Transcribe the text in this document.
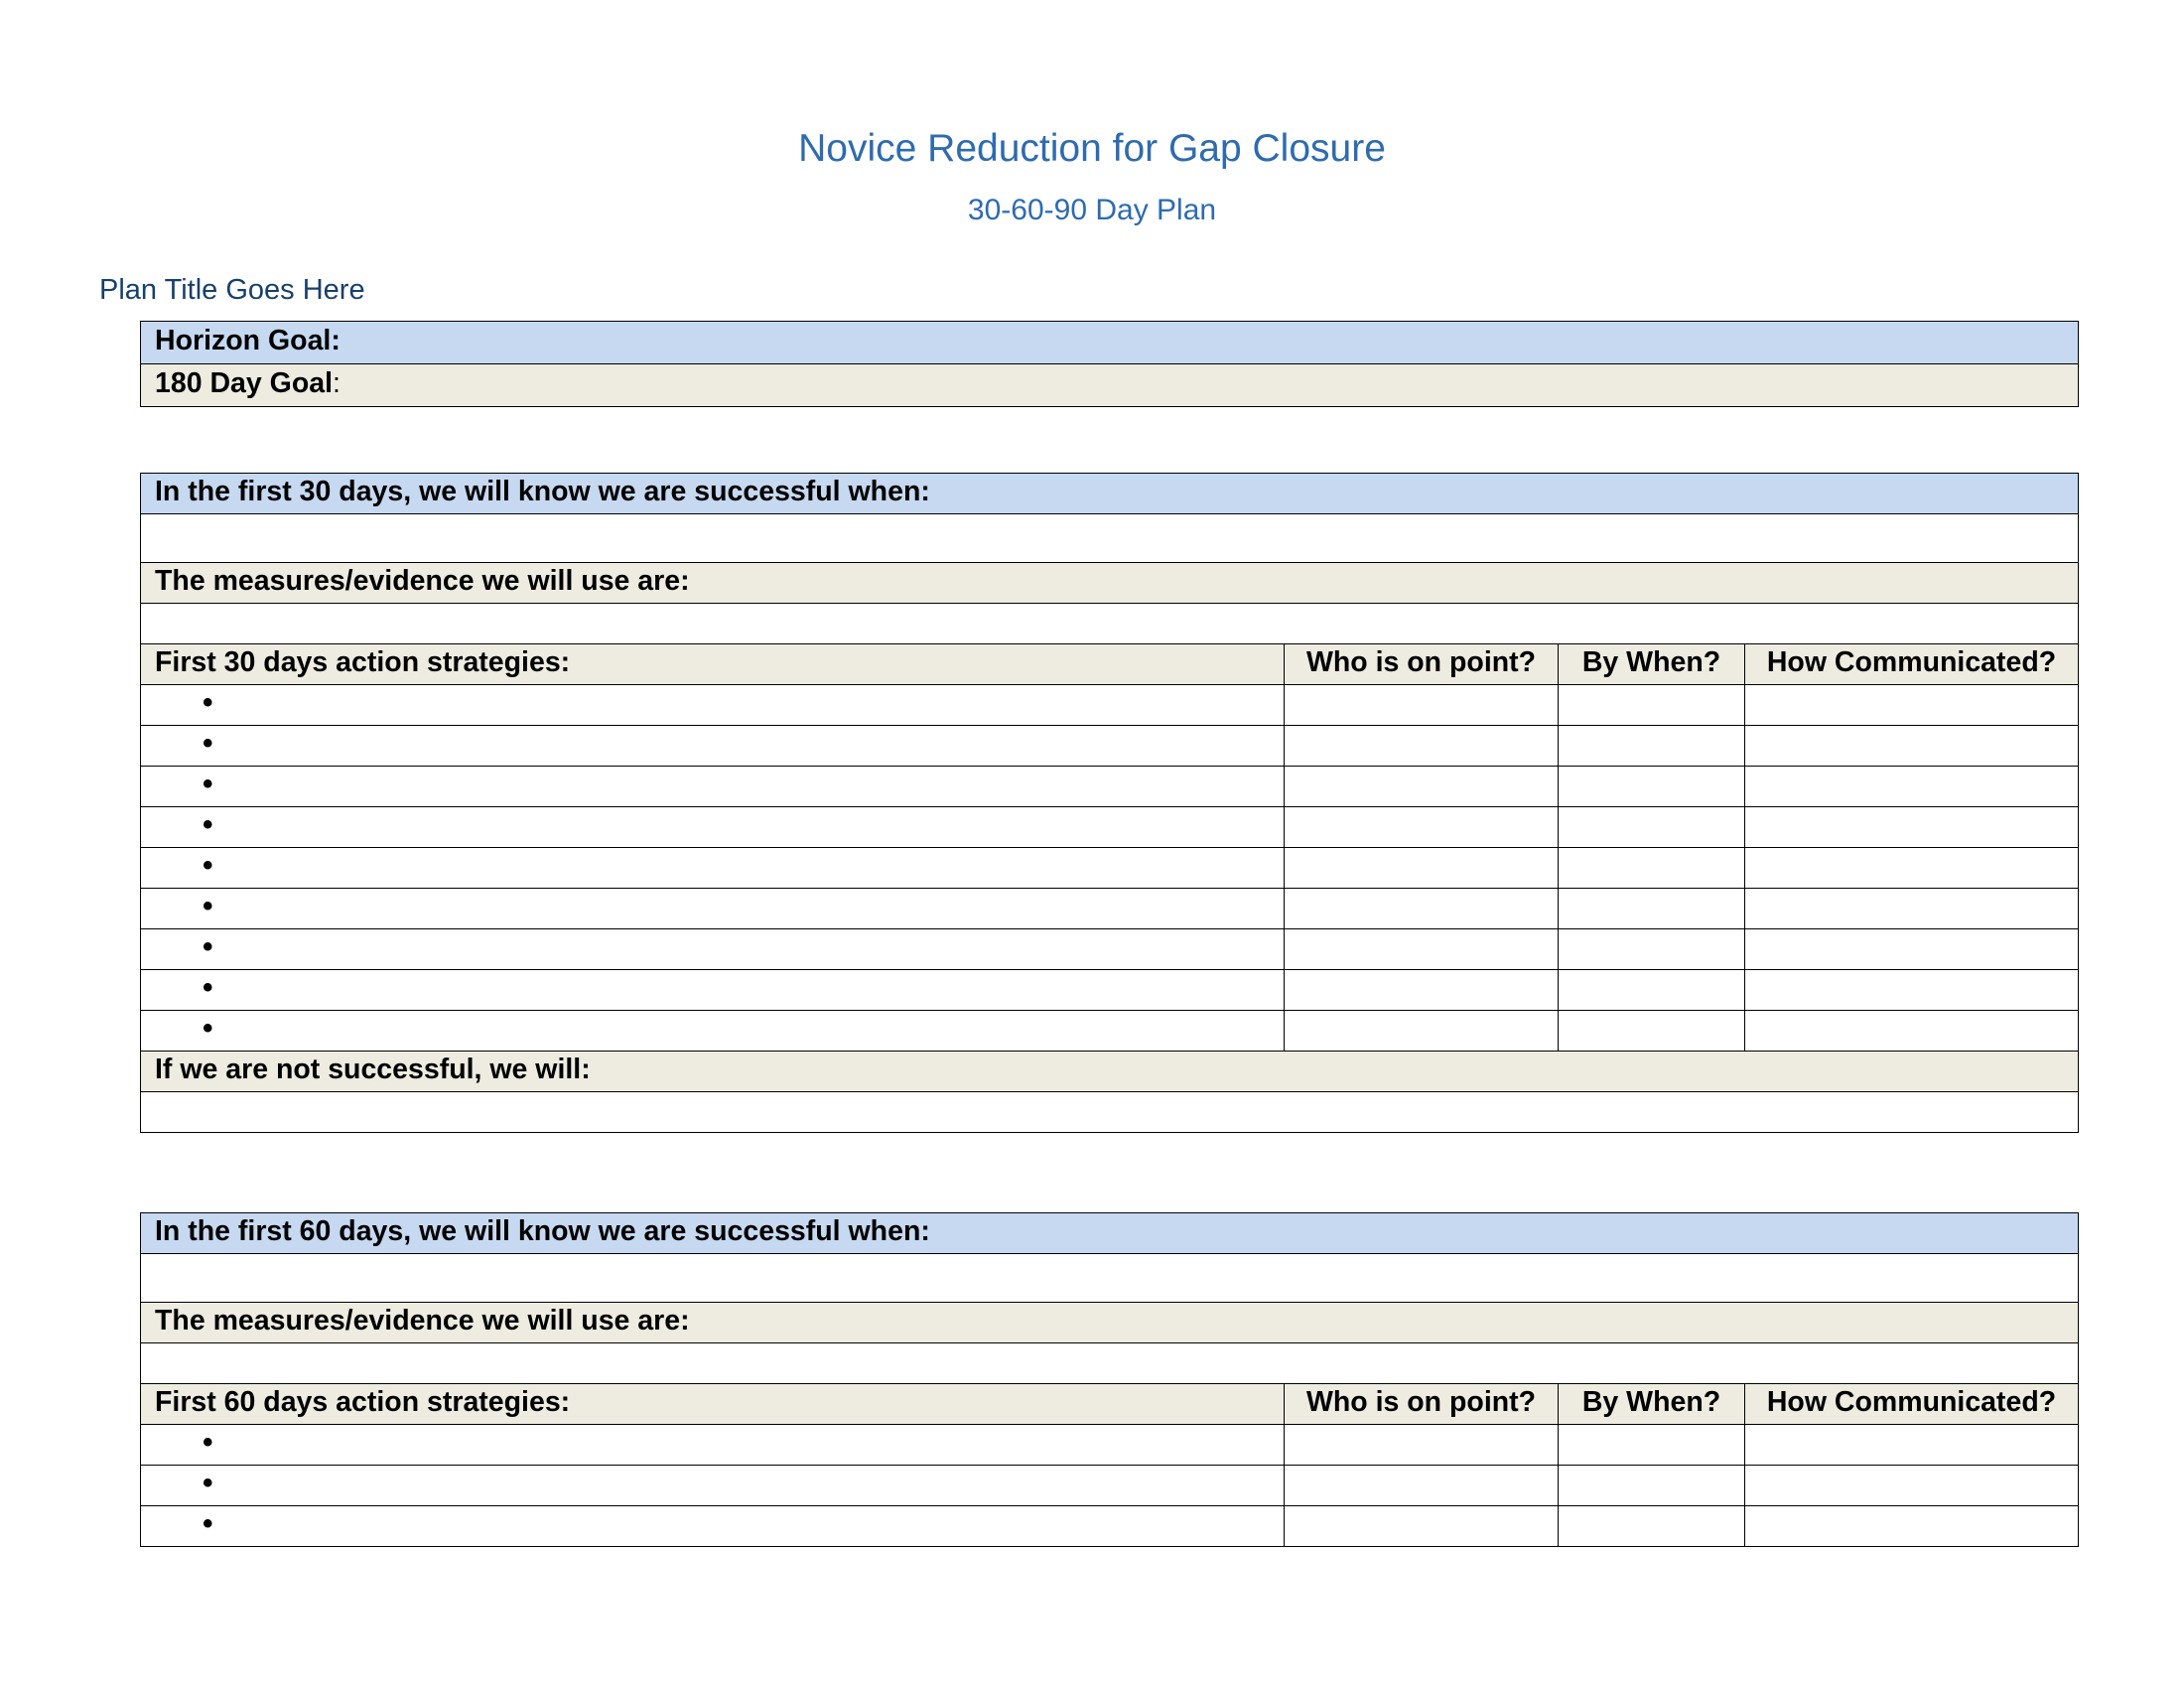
Novice Reduction for Gap Closure
30-60-90 Day Plan
Plan Title Goes Here
Horizon Goal:
180 Day Goal:
In the first 30 days, we will know we are successful when:			

The measures/evidence we will use are:			

First 30 days action strategies:	Who is on point?	By When?	How Communicated?
•			
•			
•			
•			
•			
•			
•			
•			
•			
If we are not successful, we will:			

In the first 60 days, we will know we are successful when:			

The measures/evidence we will use are:			

First 60 days action strategies:	Who is on point?	By When?	How Communicated?
•			
•			
•			
